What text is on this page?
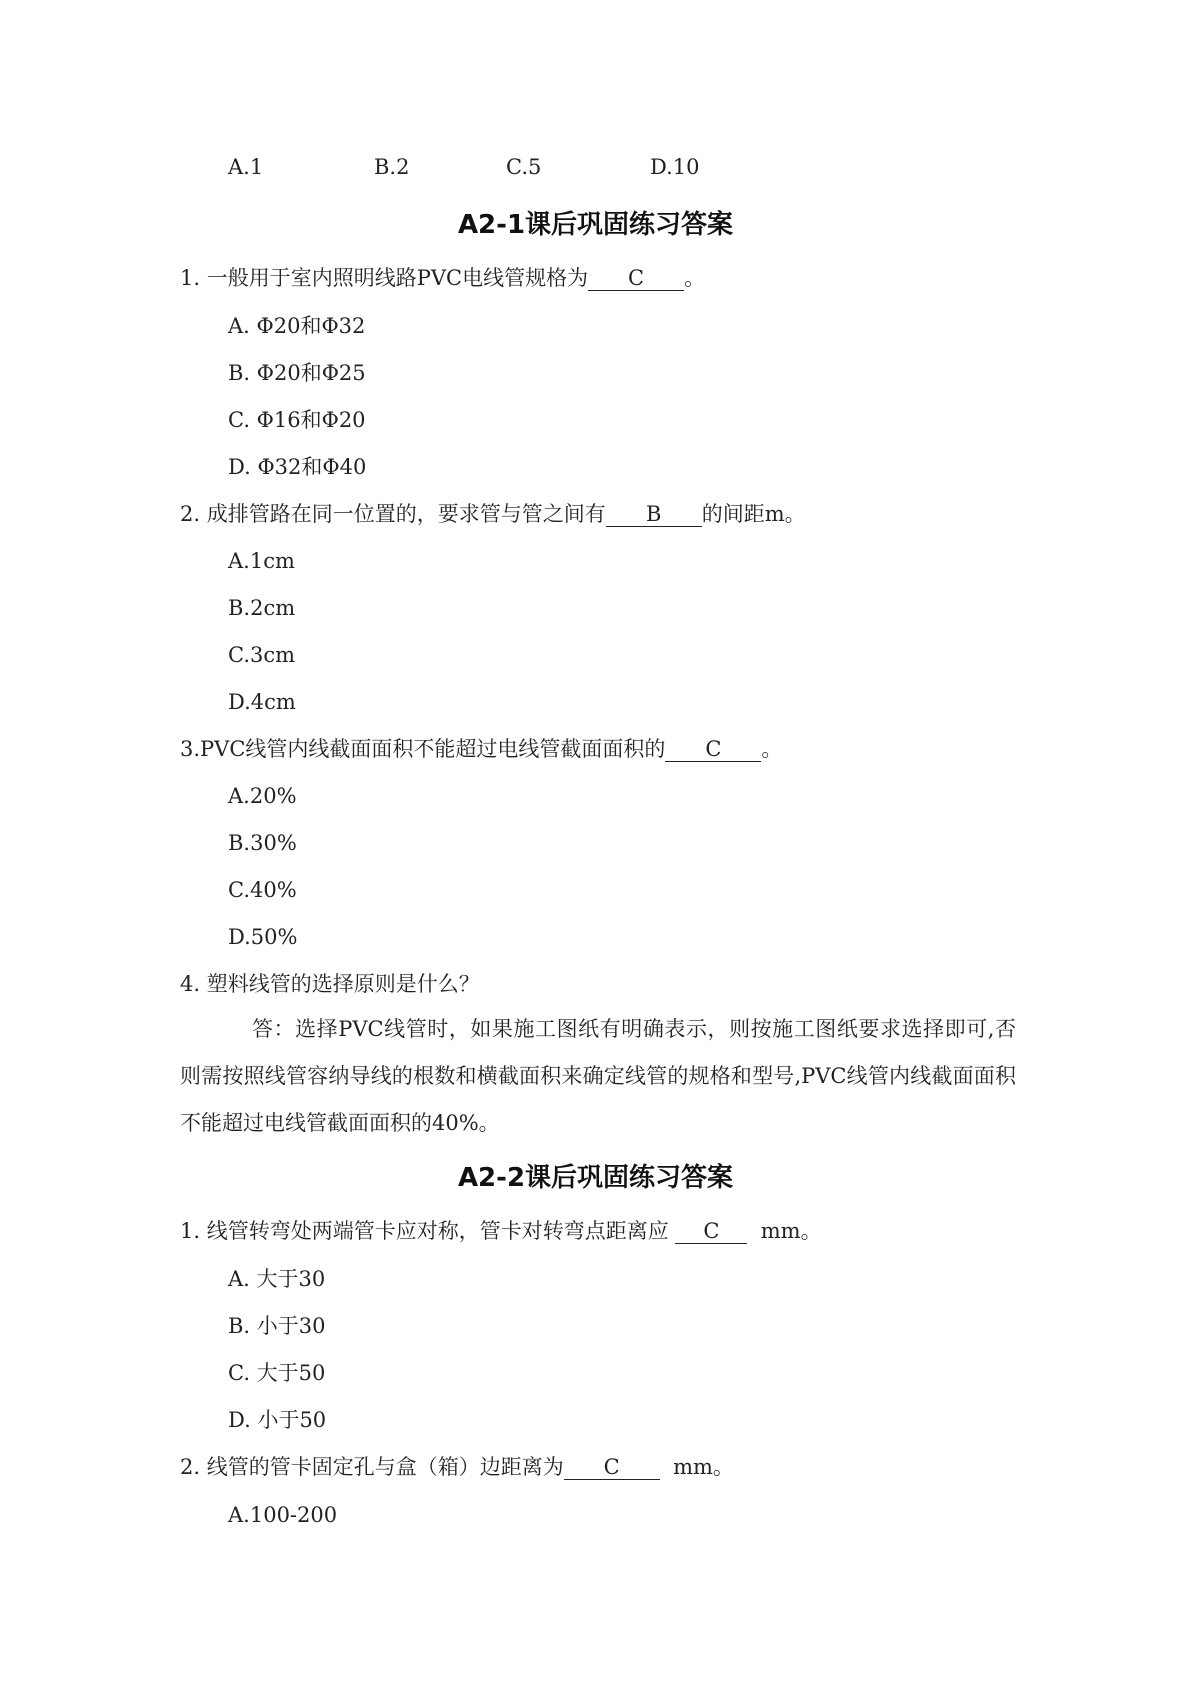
A.1	B.2	C.5	D.10
A2-1课后巩固练习答案
1. 一般用于室内照明线路PVC电线管规格为 C 。
A. Φ20和Φ32
B. Φ20和Φ25
C. Φ16和Φ20
D. Φ32和Φ40
2. 成排管路在同一位置的，要求管与管之间有 B 的间距m。
A.1cm
B.2cm
C.3cm
D.4cm
3.PVC线管内线截面面积不能超过电线管截面面积的 C 。
A.20%
B.30%
C.40%
D.50%
4. 塑料线管的选择原则是什么？
答：选择PVC线管时，如果施工图纸有明确表示，则按施工图纸要求选择即可,否则需按照线管容纳导线的根数和横截面积来确定线管的规格和型号,PVC线管内线截面面积不能超过电线管截面面积的40%。
A2-2课后巩固练习答案
1. 线管转弯处两端管卡应对称，管卡对转弯点距离应 C mm。
A. 大于30
B. 小于30
C. 大于50
D. 小于50
2. 线管的管卡固定孔与盒（箱）边距离为 C	mm。
A.100-200
